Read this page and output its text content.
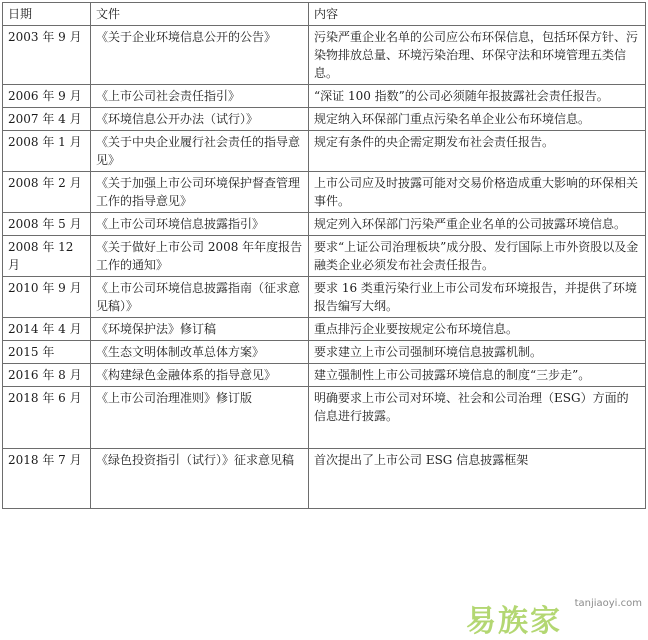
日期	文件	内容
2003 年 9 月	《关于企业环境信息公开的公告》	污染严重企业名单的公司应公布环保信息，包括环保方针、污染物排放总量、环境污染治理、环保守法和环境管理五类信息。
2006 年 9 月	《上市公司社会责任指引》	“深证 100 指数”的公司必须随年报披露社会责任报告。
2007 年 4 月	《环境信息公开办法（试行）》	规定纳入环保部门重点污染名单企业公布环境信息。
2008 年 1 月	《关于中央企业履行社会责任的指导意见》	规定有条件的央企需定期发布社会责任报告。
2008 年 2 月	《关于加强上市公司环境保护督查管理工作的指导意见》	上市公司应及时披露可能对交易价格造成重大影响的环保相关事件。
2008 年 5 月	《上市公司环境信息披露指引》	规定列入环保部门污染严重企业名单的公司披露环境信息。
2008 年 12 月	《关于做好上市公司 2008 年年度报告工作的通知》	要求“上证公司治理板块”成分股、发行国际上市外资股以及金融类企业必须发布社会责任报告。
2010 年 9 月	《上市公司环境信息披露指南（征求意见稿）》	要求 16 类重污染行业上市公司发布环境报告，并提供了环境报告编写大纲。
2014 年 4 月	《环境保护法》修订稿	重点排污企业要按规定公布环境信息。
2015 年	《生态文明体制改革总体方案》	要求建立上市公司强制环境信息披露机制。
2016 年 8 月	《构建绿色金融体系的指导意见》	建立强制性上市公司披露环境信息的制度“三步走”。
2018 年 6 月	《上市公司治理准则》修订版	明确要求上市公司对环境、社会和公司治理（ESG）方面的信息进行披露。
2018 年 7 月	《绿色投资指引（试行）》征求意见稿	首次提出了上市公司 ESG 信息披露框架
易族家
tanjiaoyi.com
